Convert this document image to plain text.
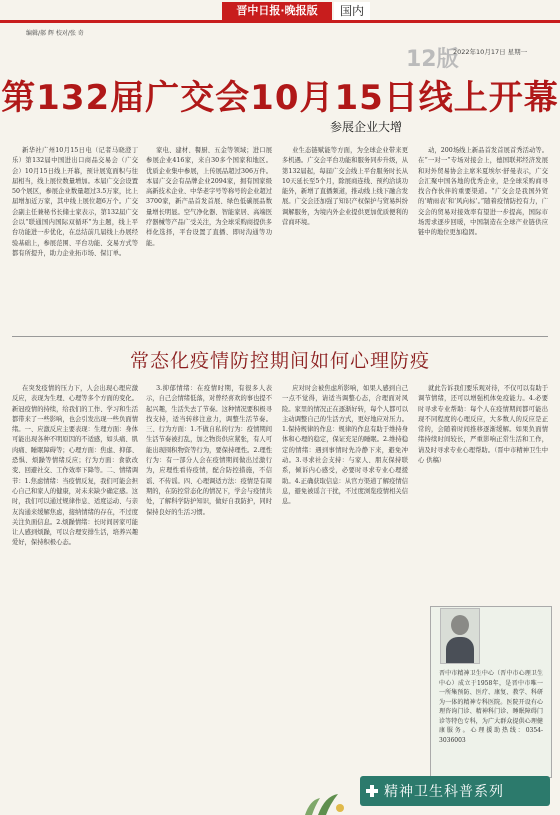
编辑/郝 辉 校对/张 奇
晋中日报·晚报版	国内
12版
2022年10月17日 星期一
第132届广交会10月15日线上开幕
参展企业大增

新华社广州10月15日电（记者马晓澄丁乐）第132届中国进出口商品交易会（广交会）10月15日线上开幕，预计展览面积与往届相当，线上展位数量增加。本届广交会设置50个展区，参展企业数量超过3.5万家，比上届增加近万家，其中线上展位超6万个。广交会副主任兼秘书长储士家表示，第132届广交会以“联通国内国际双循环”为主题，线上平台功能进一步优化，在总结前几届线上办展经验基础上，参展范围、平台功能、交易方式等都有所提升，助力企业拓市场、保订单。

家电、建材、餐厨、五金等领域；进口展参展企业416家，来自30多个国家和地区。优质企业集中参展，上传展品超过306万件。本届广交会有品牌企业2094家，拥有国家级高新技术企业、中华老字号等称号的企业超过3700家，新产品首发首展、绿色低碳展品数量增长明显。空气净化器、智能家居、高端医疗器械等产品广受关注，为全球采购商提供多样化选择，平台设置了直播、即时沟通等功能。

业生态链赋能等方面，为全球企业带来更多机遇。广交会平台功能和服务同步升级，从第132届起，每届广交会线上平台服务时长从10天延长至5个月，除展商连线、预约洽谈功能外，新增了直播频道，推动线上线下融合发展。广交会还加强了知识产权保护与贸易纠纷调解服务，为境内外企业提供更加优质便利的营商环境。

动，200场线上新品首发首展首秀活动等。在“一对一”专场对接会上，德国联邦经济发展和对外贸易协会主席米夏埃尔·舒曼表示，广交会汇聚中国各地的优秀企业，是全球采购商寻找合作伙伴的重要渠道。“广交会是我国外贸的‘晴雨表’和‘风向标’。”随着疫情防控有力，广交会的贸易对接效率有望进一步提高，国际市场需求逐步回暖，中国制造在全球产业链供应链中的地位更加稳固。

常态化疫情防控期间如何心理防疫

在突发疫情的压力下，人会出现心理应激反应，表现为生理、心理等多个方面的变化。新冠疫情的持续，给我们的工作、学习和生活都带来了一些影响，也会引发出现一些负面情绪。一、应激反应主要表现：生理方面：身体可能出现各种不明原因的不适感，如头痛、肌肉痛、睡眠障碍等；心理方面：焦虑、抑郁、恐惧、烦躁等情绪反应；行为方面：食欲改变、回避社交、工作效率下降等。二、情绪调节：1.焦虑情绪：当疫情反复，我们可能会担心自己和家人的健康，对未来缺少确定感。这时，我们可以通过规律作息、适度运动、与亲友沟通来缓解焦虑，接纳情绪的存在，不过度关注负面信息。2.烦躁情绪：长时间居家可能让人感到烦躁，可以合理安排生活，培养兴趣爱好，保持积极心态。

3.抑郁情绪：在疫情时期，有很多人表示，自己会情绪低落，对曾经喜欢的事也提不起兴趣，生活失去了节奏。这种情况要积极寻找支持，适当转移注意力，调整生活节奏。三、行为方面：1.不做自私的行为：疫情期间生活节奏被打乱，加之物资供应紧张，有人可能出现囤积物资等行为，要保持理性。2.理性行为：有一部分人会在疫情期间做出过激行为，应理性看待疫情，配合防控措施，不信谣、不传谣。四、心理调适方法：疫情是有周期的，在防控常态化的情况下，学会与疫情共处，了解科学防护知识，做好自我防护，同时保持良好的生活习惯。

应对时会被焦虑所影响，如果人感到自己一点不觉得，请适当调整心态，合理面对风险。家里的情况正在逐渐好转，每个人都可以主动调整自己的生活方式，更好地应对压力。1.保持规律的作息：规律的作息有助于维持身体和心理的稳定，保证充足的睡眠。2.维持稳定的情绪：遇到事情时先冷静下来，避免冲动。3.寻求社会支持：与家人、朋友保持联系，倾诉内心感受，必要时寻求专业心理援助。4.正确获取信息：从官方渠道了解疫情信息，避免被谣言干扰，不过度浏览疫情相关信息。

就此告诉我们要乐观对待，不仅可以有助于调节情绪，还可以增强机体免疫能力。4.必要时寻求专业帮助：每个人在疫情期间都可能出现不同程度的心理反应，大多数人的反应是正常的，会随着时间推移逐渐缓解。如果负面情绪持续时间较长，严重影响正常生活和工作，请及时寻求专业心理帮助。（晋中市精神卫生中心 供稿）

晋中市精神卫生中心（晋中市心理卫生中心）成立于1958年，是晋中市唯一一所集预防、医疗、康复、教学、科研为一体的精神专科医院。医院开设有心理咨询门诊、精神科门诊、睡眠障碍门诊等特色专科，为广大群众提供心理健康服务。心理援助热线：0354-3036003
精神卫生科普系列
